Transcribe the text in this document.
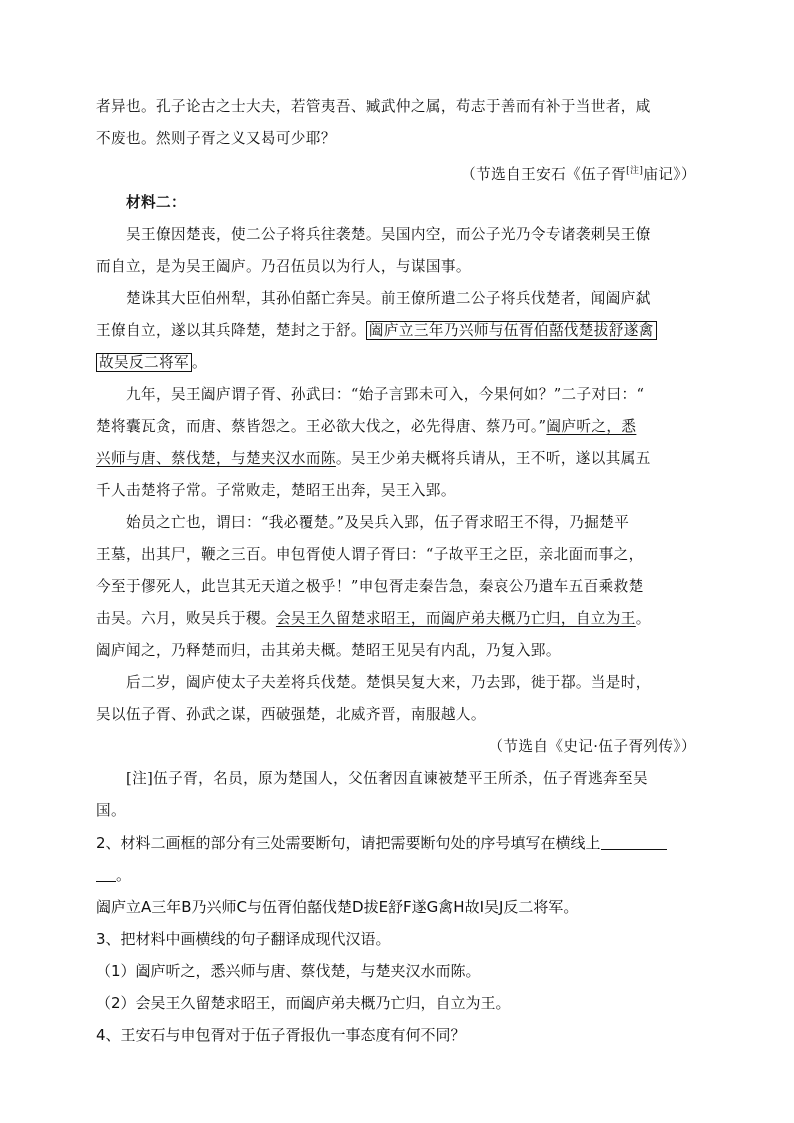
者异也。孔子论古之士大夫，若管夷吾、臧武仲之属，苟志于善而有补于当世者，咸
不废也。然则子胥之义又曷可少耶？
（节选自王安石《伍子胥[注]庙记》）
材料二：
吴王僚因楚丧，使二公子将兵往袭楚。吴国内空，而公子光乃令专诸袭刺吴王僚
而自立，是为吴王阖庐。乃召伍员以为行人，与谋国事。
楚诛其大臣伯州犁，其孙伯嚭亡奔吴。前王僚所遣二公子将兵伐楚者，闻阖庐弑
王僚自立，遂以其兵降楚，楚封之于舒。 阖庐立三年乃兴师与伍胥伯嚭伐楚拔舒遂禽
故吴反二将军 。
九年，吴王阖庐谓子胥、孙武曰：“始子言郢未可入，今果何如？”二子对曰：“
楚将囊瓦贪，而唐、蔡皆怨之。王必欲大伐之，必先得唐、蔡乃可。”阖庐听之，悉
兴师与唐、蔡伐楚，与楚夹汉水而陈。吴王少弟夫概将兵请从，王不听，遂以其属五
千人击楚将子常。子常败走，楚昭王出奔，吴王入郢。
始员之亡也，谓曰：“我必覆楚。”及吴兵入郢，伍子胥求昭王不得，乃掘楚平
王墓，出其尸，鞭之三百。申包胥使人谓子胥曰：“子故平王之臣，亲北面而事之，
今至于僇死人，此岂其无天道之极乎！”申包胥走秦告急，秦哀公乃遣车五百乘救楚
击吴。六月，败吴兵于稷。会吴王久留楚求昭王，而阖庐弟夫概乃亡归，自立为王。
阖庐闻之，乃释楚而归，击其弟夫概。楚昭王见吴有内乱，乃复入郢。
后二岁，阖庐使太子夫差将兵伐楚。楚惧吴复大来，乃去郢，徙于鄀。当是时，
吴以伍子胥、孙武之谋，西破强楚，北威齐晋，南服越人。
（节选自《史记·伍子胥列传》）
[注]伍子胥，名员，原为楚国人，父伍奢因直谏被楚平王所杀，伍子胥逃奔至吴
国。
2、材料二画框的部分有三处需要断句，请把需要断句处的序号填写在横线上
。
阖庐立A三年B乃兴师C与伍胥伯嚭伐楚D拔E舒F遂G禽H故I吴J反二将军。
3、把材料中画横线的句子翻译成现代汉语。
（1）阖庐听之，悉兴师与唐、蔡伐楚，与楚夹汉水而陈。
（2）会吴王久留楚求昭王，而阖庐弟夫概乃亡归，自立为王。
4、王安石与申包胥对于伍子胥报仇一事态度有何不同？
